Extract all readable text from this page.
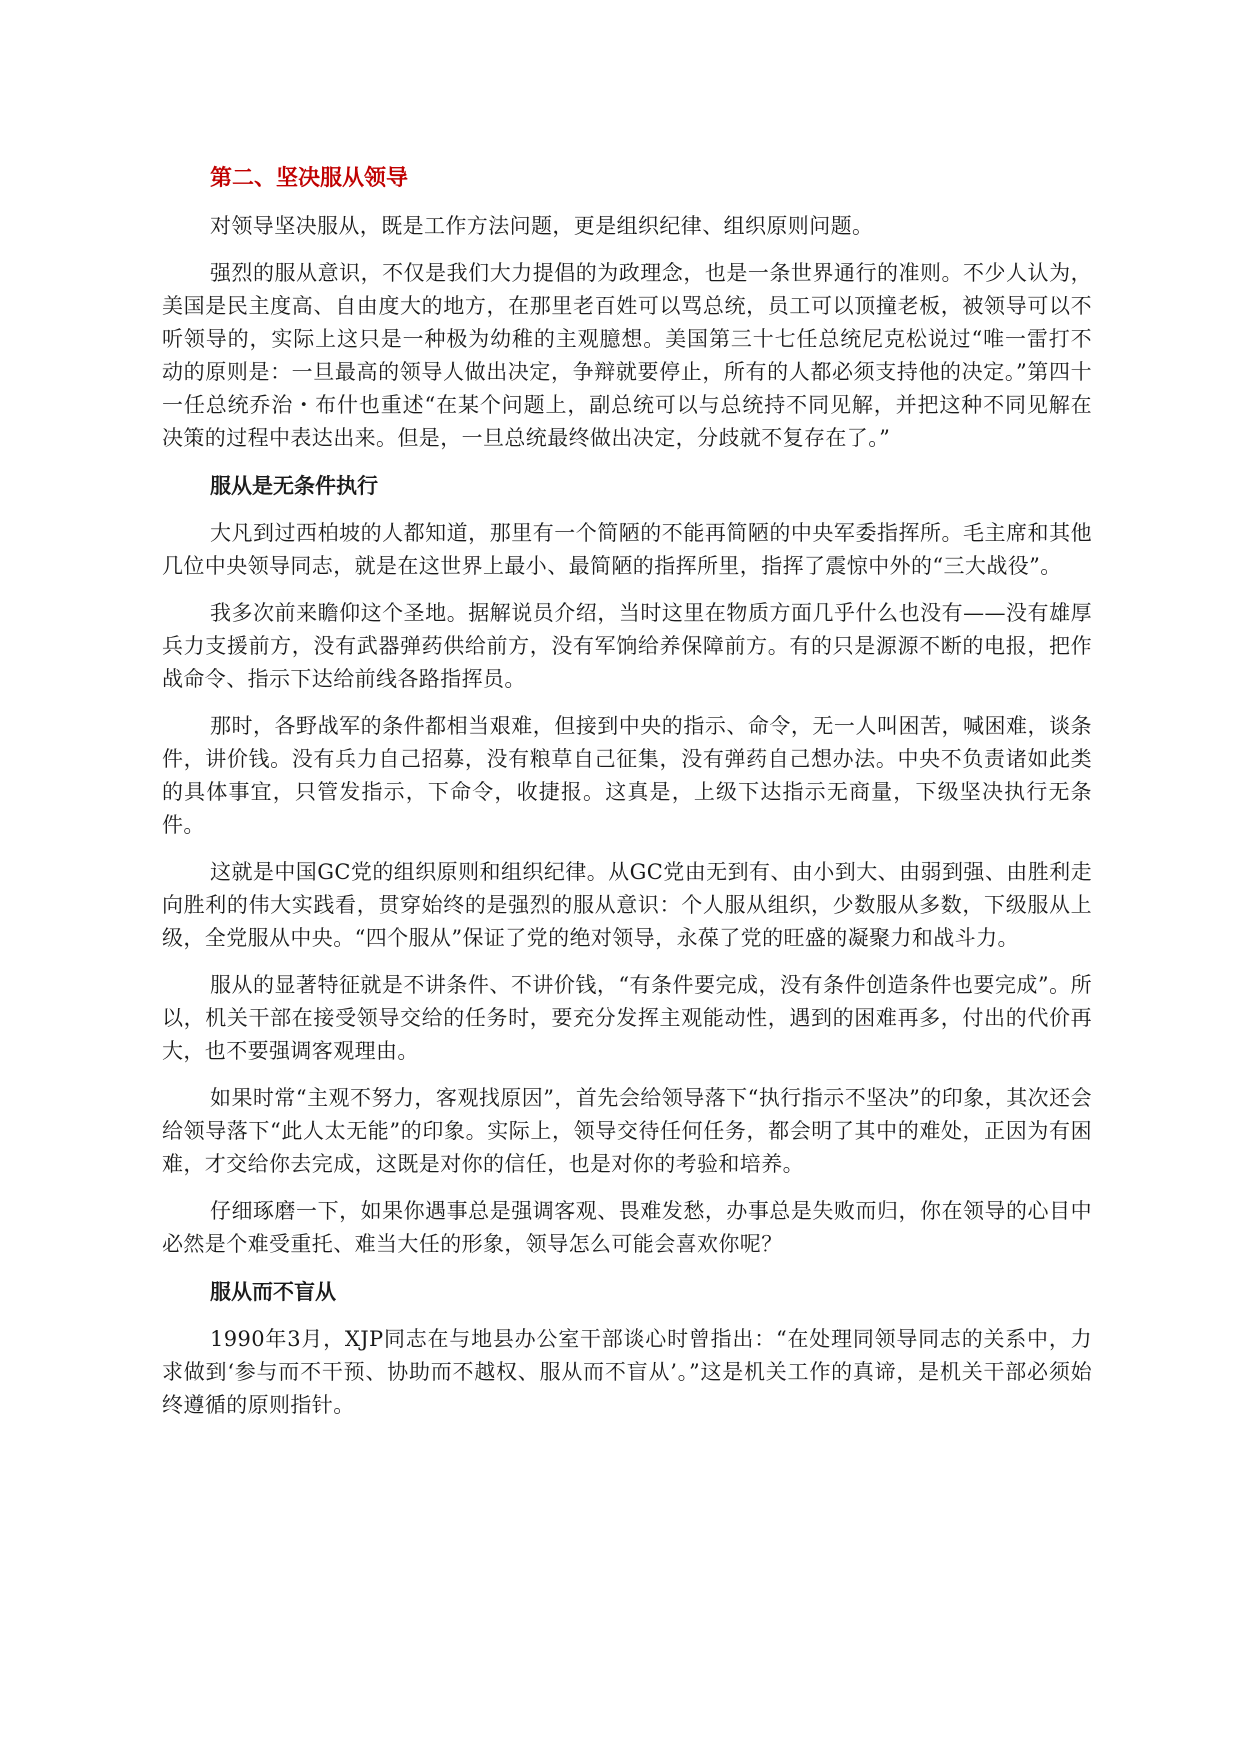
第二、坚决服从领导

对领导坚决服从，既是工作方法问题，更是组织纪律、组织原则问题。

强烈的服从意识，不仅是我们大力提倡的为政理念，也是一条世界通行的准则。不少人认为，美国是民主度高、自由度大的地方，在那里老百姓可以骂总统，员工可以顶撞老板，被领导可以不听领导的，实际上这只是一种极为幼稚的主观臆想。美国第三十七任总统尼克松说过“唯一雷打不动的原则是：一旦最高的领导人做出决定，争辩就要停止，所有的人都必须支持他的决定。”第四十一任总统乔治・布什也重述“在某个问题上，副总统可以与总统持不同见解，并把这种不同见解在决策的过程中表达出来。但是，一旦总统最终做出决定，分歧就不复存在了。”

服从是无条件执行

大凡到过西柏坡的人都知道，那里有一个简陋的不能再简陋的中央军委指挥所。毛主席和其他几位中央领导同志，就是在这世界上最小、最简陋的指挥所里，指挥了震惊中外的“三大战役”。

我多次前来瞻仰这个圣地。据解说员介绍，当时这里在物质方面几乎什么也没有——没有雄厚兵力支援前方，没有武器弹药供给前方，没有军饷给养保障前方。有的只是源源不断的电报，把作战命令、指示下达给前线各路指挥员。

那时，各野战军的条件都相当艰难，但接到中央的指示、命令，无一人叫困苦，喊困难，谈条件，讲价钱。没有兵力自己招募，没有粮草自己征集，没有弹药自己想办法。中央不负责诸如此类的具体事宜，只管发指示，下命令，收捷报。这真是，上级下达指示无商量，下级坚决执行无条件。

这就是中国GC党的组织原则和组织纪律。从GC党由无到有、由小到大、由弱到强、由胜利走向胜利的伟大实践看，贯穿始终的是强烈的服从意识：个人服从组织，少数服从多数，下级服从上级，全党服从中央。“四个服从”保证了党的绝对领导，永葆了党的旺盛的凝聚力和战斗力。

服从的显著特征就是不讲条件、不讲价钱，“有条件要完成，没有条件创造条件也要完成”。所以，机关干部在接受领导交给的任务时，要充分发挥主观能动性，遇到的困难再多，付出的代价再大，也不要强调客观理由。

如果时常“主观不努力，客观找原因”，首先会给领导落下“执行指示不坚决”的印象，其次还会给领导落下“此人太无能”的印象。实际上，领导交待任何任务，都会明了其中的难处，正因为有困难，才交给你去完成，这既是对你的信任，也是对你的考验和培养。

仔细琢磨一下，如果你遇事总是强调客观、畏难发愁，办事总是失败而归，你在领导的心目中必然是个难受重托、难当大任的形象，领导怎么可能会喜欢你呢？

服从而不盲从

1990年3月，XJP同志在与地县办公室干部谈心时曾指出：“在处理同领导同志的关系中，力求做到‘参与而不干预、协助而不越权、服从而不盲从’。”这是机关工作的真谛，是机关干部必须始终遵循的原则指针。
